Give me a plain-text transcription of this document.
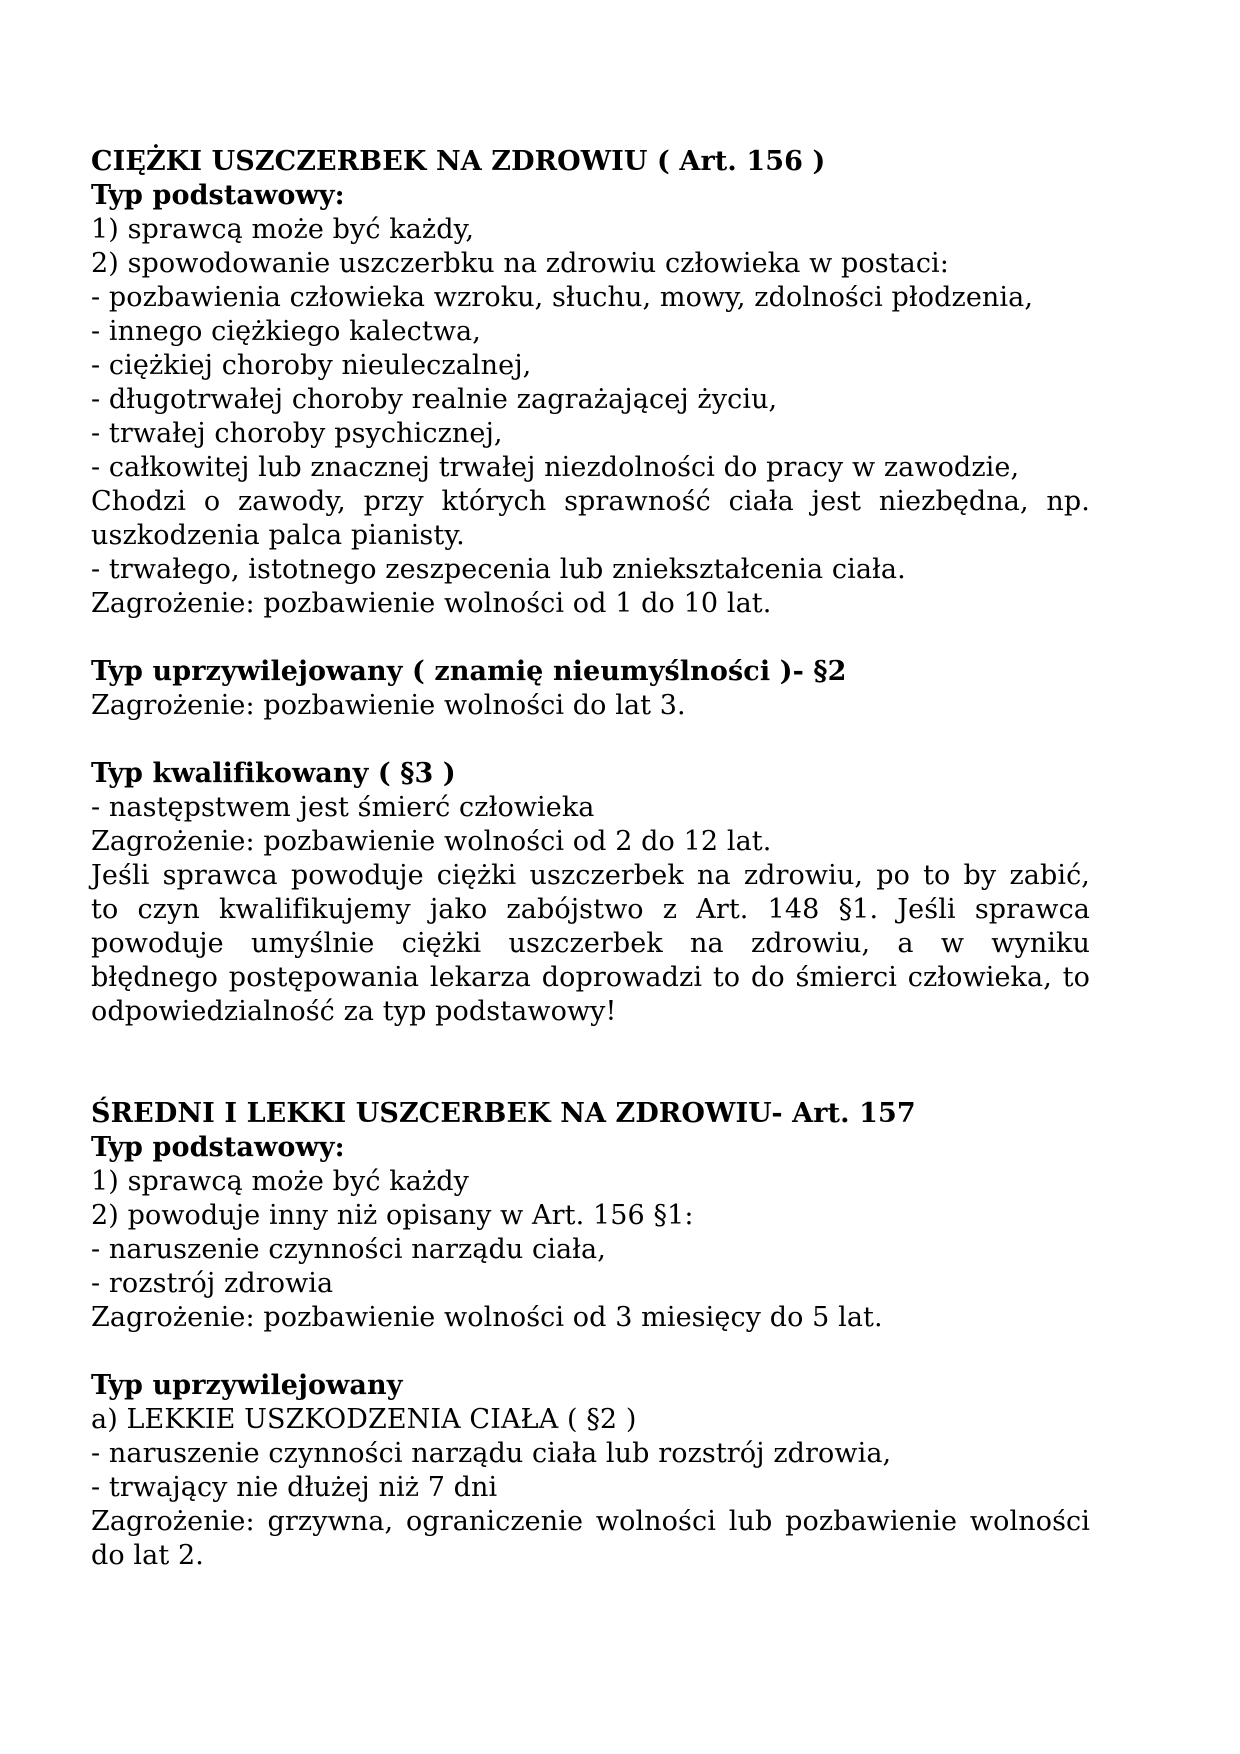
CIĘŻKI USZCZERBEK NA ZDROWIU ( Art. 156 )
Typ podstawowy:
1) sprawcą może być każdy,
2) spowodowanie uszczerbku na zdrowiu człowieka w postaci:
- pozbawienia człowieka wzroku, słuchu, mowy, zdolności płodzenia,
- innego ciężkiego kalectwa,
- ciężkiej choroby nieuleczalnej,
- długotrwałej choroby realnie zagrażającej życiu,
- trwałej choroby psychicznej,
- całkowitej lub znacznej trwałej niezdolności do pracy w zawodzie,
Chodzi o zawody, przy których sprawność ciała jest niezbędna, np.
uszkodzenia palca pianisty.
- trwałego, istotnego zeszpecenia lub zniekształcenia ciała.
Zagrożenie: pozbawienie wolności od 1 do 10 lat.
Typ uprzywilejowany ( znamię nieumyślności )- §2
Zagrożenie: pozbawienie wolności do lat 3.
Typ kwalifikowany ( §3 )
- następstwem jest śmierć człowieka
Zagrożenie: pozbawienie wolności od 2 do 12 lat.
Jeśli sprawca powoduje ciężki uszczerbek na zdrowiu, po to by zabić,
to czyn kwalifikujemy jako zabójstwo z Art. 148 §1. Jeśli sprawca
powoduje umyślnie ciężki uszczerbek na zdrowiu, a w wyniku
błędnego postępowania lekarza doprowadzi to do śmierci człowieka, to
odpowiedzialność za typ podstawowy!
ŚREDNI I LEKKI USZCERBEK NA ZDROWIU- Art. 157
Typ podstawowy:
1) sprawcą może być każdy
2) powoduje inny niż opisany w Art. 156 §1:
- naruszenie czynności narządu ciała,
- rozstrój zdrowia
Zagrożenie: pozbawienie wolności od 3 miesięcy do 5 lat.
Typ uprzywilejowany
a) LEKKIE USZKODZENIA CIAŁA ( §2 )
- naruszenie czynności narządu ciała lub rozstrój zdrowia,
- trwający nie dłużej niż 7 dni
Zagrożenie: grzywna, ograniczenie wolności lub pozbawienie wolności
do lat 2.
